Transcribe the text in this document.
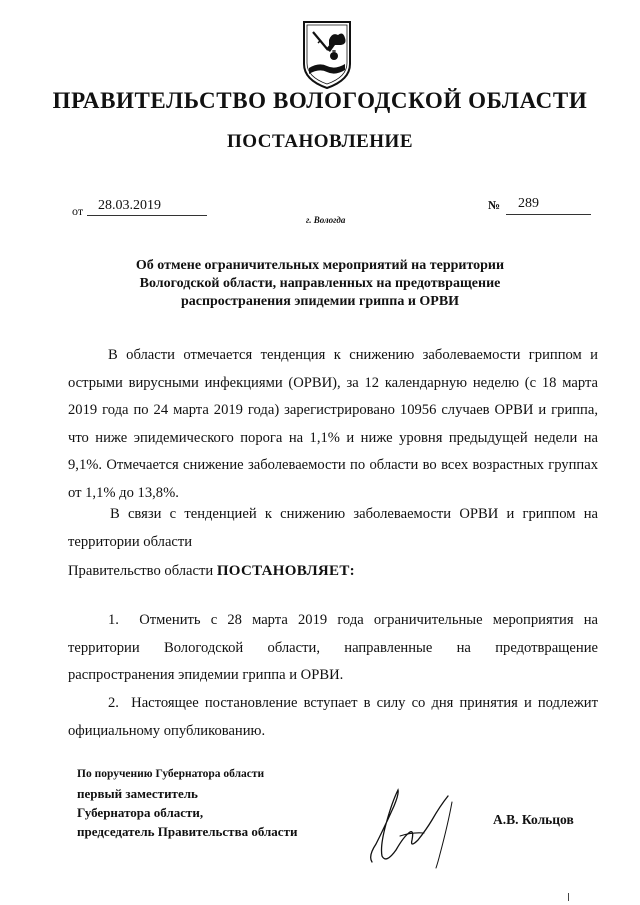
ПРАВИТЕЛЬСТВО ВОЛОГОДСКОЙ ОБЛАСТИ
ПОСТАНОВЛЕНИЕ
от 28.03.2019	№ 289
г. Вологда
Об отмене ограничительных мероприятий на территории
Вологодской области, направленных на предотвращение
распространения эпидемии гриппа и ОРВИ

В области отмечается тенденция к снижению заболеваемости гриппом и острыми вирусными инфекциями (ОРВИ), за 12 календарную неделю (с 18 марта 2019 года по 24 марта 2019 года) зарегистрировано 10956 случаев ОРВИ и гриппа, что ниже эпидемического порога на 1,1% и ниже уровня предыдущей недели на 9,1%. Отмечается снижение заболеваемости по области во всех возрастных группах от 1,1% до 13,8%.

В связи с тенденцией к снижению заболеваемости ОРВИ и гриппом на территории области

Правительство области ПОСТАНОВЛЯЕТ:

1. Отменить с 28 марта 2019 года ограничительные мероприятия на территории Вологодской области, направленные на предотвращение распространения эпидемии гриппа и ОРВИ.

2. Настоящее постановление вступает в силу со дня принятия и подлежит официальному опубликованию.

По поручению Губернатора области
первый заместитель
Губернатора области,
председатель Правительства области
А.В. Кольцов
